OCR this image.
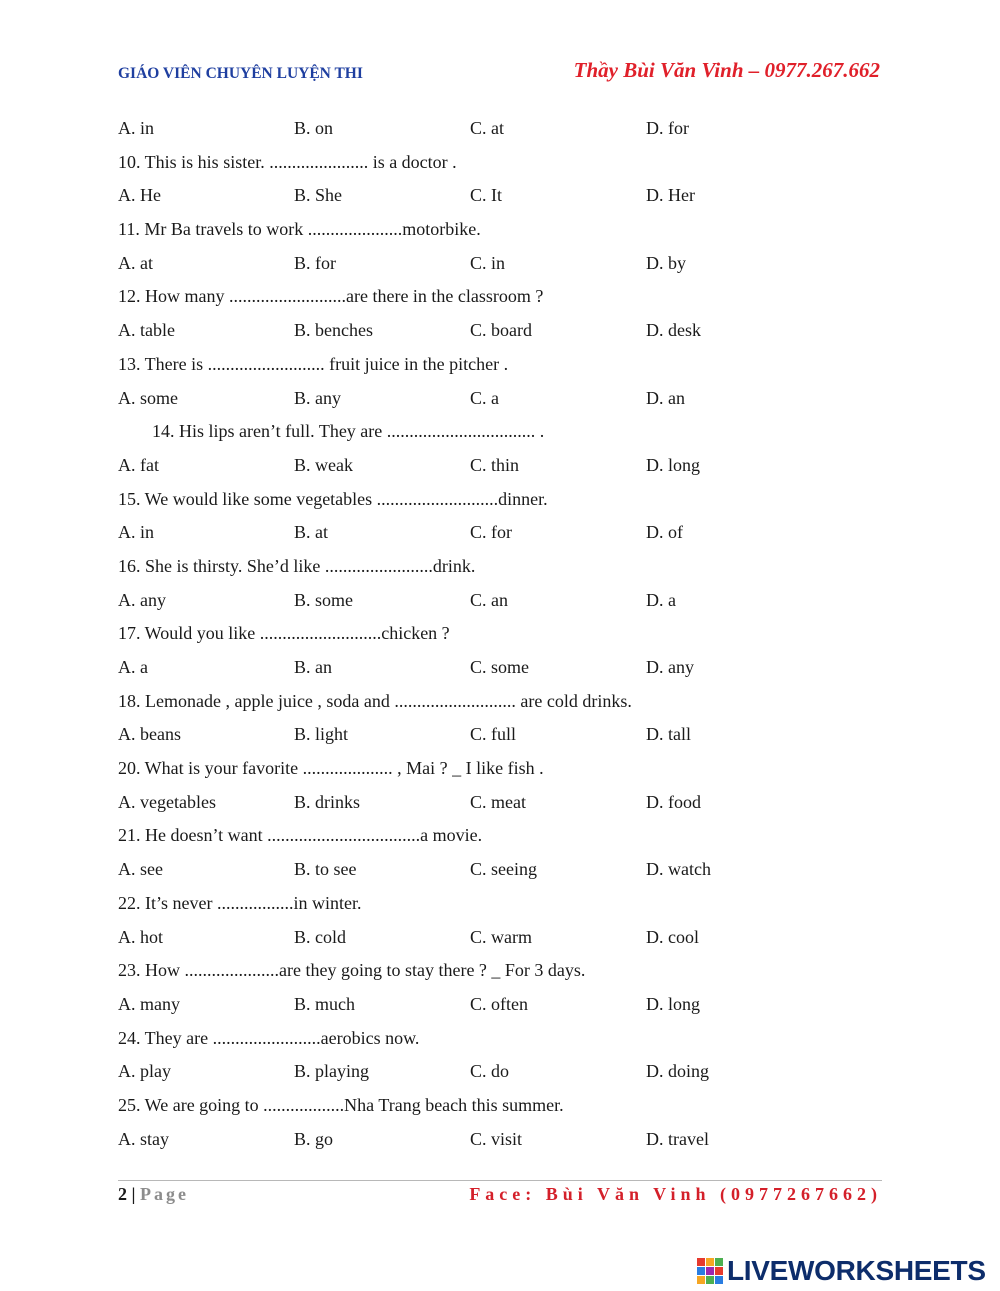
GIÁO VIÊN CHUYÊN LUYỆN THI	Thầy Bùi Văn Vinh – 0977.267.662
A. in	B. on	C. at	D. for
10. This is his sister. ...................... is a doctor .
A. He	B. She	C. It	D. Her
11. Mr Ba travels to work .....................motorbike.
A. at	B. for	C. in	D. by
12. How many ..........................are there in the classroom ?
A. table	B. benches	C. board	D. desk
13. There is .......................... fruit juice in the pitcher .
A. some	B. any	C. a	D. an
14. His lips aren’t full. They are ................................. .
A. fat	B. weak	C. thin	D. long
15. We would like some vegetables ...........................dinner.
A. in	B. at	C. for	D. of
16. She is thirsty. She’d like ........................drink.
A. any	B. some	C. an	D. a
17. Would you like ...........................chicken ?
A. a	B. an	C. some	D. any
18. Lemonade , apple juice , soda and ........................... are cold drinks.
A. beans	B. light	C. full	D. tall
20. What is your favorite .................... , Mai ? _ I like fish .
A. vegetables	B. drinks	C. meat	D. food
21. He doesn’t want ..................................a movie.
A. see	B. to see	C. seeing	D. watch
22. It’s never .................in winter.
A. hot	B. cold	C. warm	D. cool
23. How .....................are they going to stay there ? _ For 3 days.
A. many	B. much	C. often	D. long
24. They are ........................aerobics now.
A. play	B. playing	C. do	D. doing
25. We are going to ..................Nha Trang beach this summer.
A. stay	B. go	C. visit	D. travel
2 | Page	Face: Bùi Văn Vinh (0977267662)
LIVEWORKSHEETS
